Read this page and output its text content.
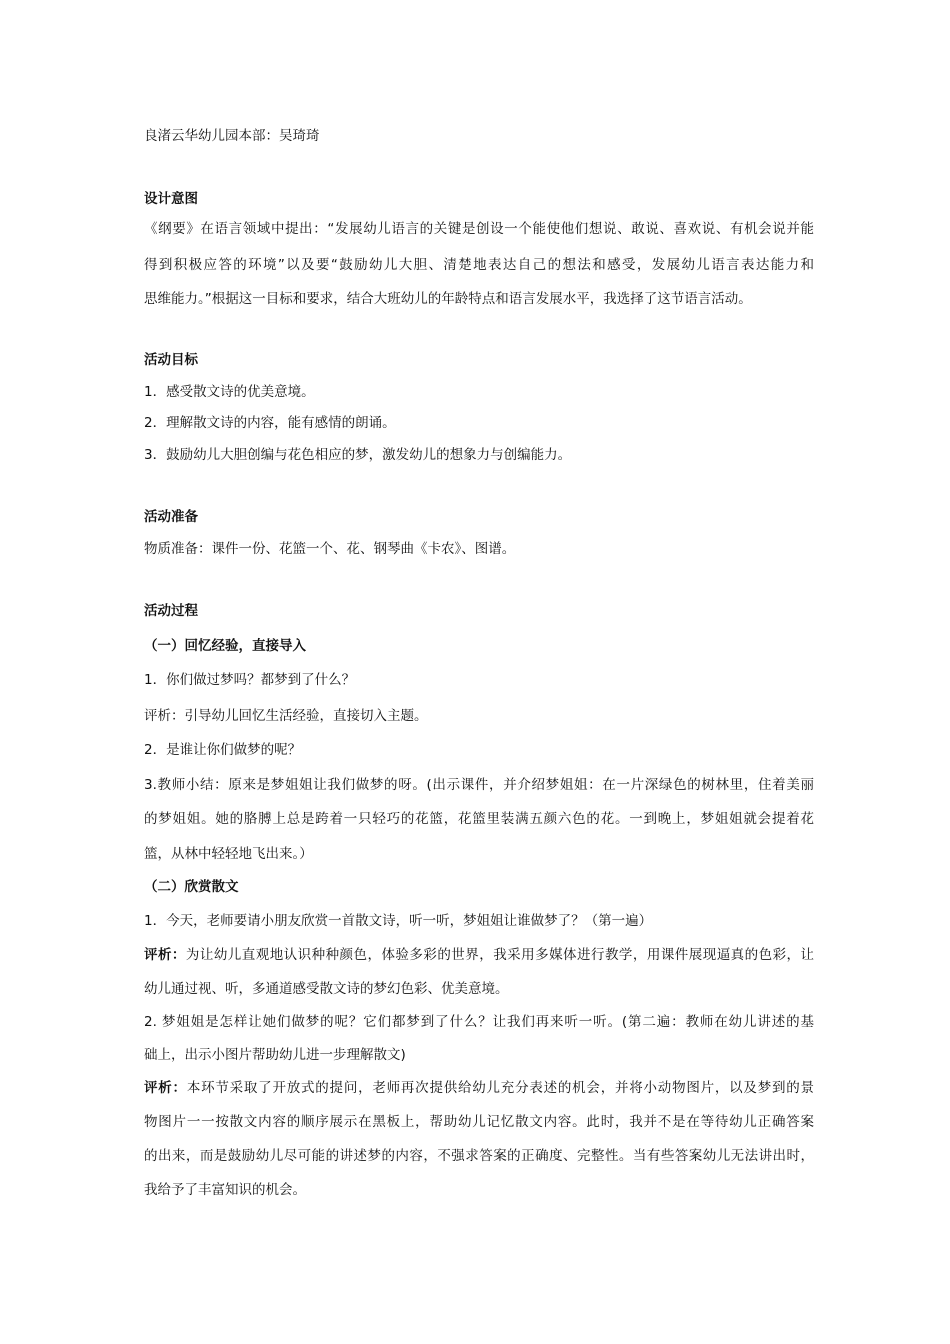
良渚云华幼儿园本部：吴琦琦
设计意图
《纲要》在语言领域中提出：“发展幼儿语言的关键是创设一个能使他们想说、敢说、喜欢说、有机会说并能
得到积极应答的环境”以及要“鼓励幼儿大胆、清楚地表达自己的想法和感受，发展幼儿语言表达能力和
思维能力。”根据这一目标和要求，结合大班幼儿的年龄特点和语言发展水平，我选择了这节语言活动。
活动目标
1．感受散文诗的优美意境。
2．理解散文诗的内容，能有感情的朗诵。
3．鼓励幼儿大胆创编与花色相应的梦，激发幼儿的想象力与创编能力。
活动准备
物质准备：课件一份、花篮一个、花、钢琴曲《卡农》、图谱。
活动过程
（一）回忆经验，直接导入
1．你们做过梦吗？都梦到了什么？
评析：引导幼儿回忆生活经验，直接切入主题。
2．是谁让你们做梦的呢？
3.教师小结：原来是梦姐姐让我们做梦的呀。(出示课件，并介绍梦姐姐：在一片深绿色的树林里，住着美丽
的梦姐姐。她的胳膊上总是跨着一只轻巧的花篮，花篮里装满五颜六色的花。一到晚上，梦姐姐就会提着花
篮，从林中轻轻地飞出来。）
（二）欣赏散文
1．今天，老师要请小朋友欣赏一首散文诗，听一听，梦姐姐让谁做梦了？（第一遍）
评析：为让幼儿直观地认识种种颜色，体验多彩的世界，我采用多媒体进行教学，用课件展现逼真的色彩，让
幼儿通过视、听，多通道感受散文诗的梦幻色彩、优美意境。
2. 梦姐姐是怎样让她们做梦的呢？它们都梦到了什么？让我们再来听一听。(第二遍：教师在幼儿讲述的基
础上，出示小图片帮助幼儿进一步理解散文)
评析：本环节采取了开放式的提问，老师再次提供给幼儿充分表述的机会，并将小动物图片，以及梦到的景
物图片一一按散文内容的顺序展示在黑板上，帮助幼儿记忆散文内容。此时，我并不是在等待幼儿正确答案
的出来，而是鼓励幼儿尽可能的讲述梦的内容，不强求答案的正确度、完整性。当有些答案幼儿无法讲出时，
我给予了丰富知识的机会。
